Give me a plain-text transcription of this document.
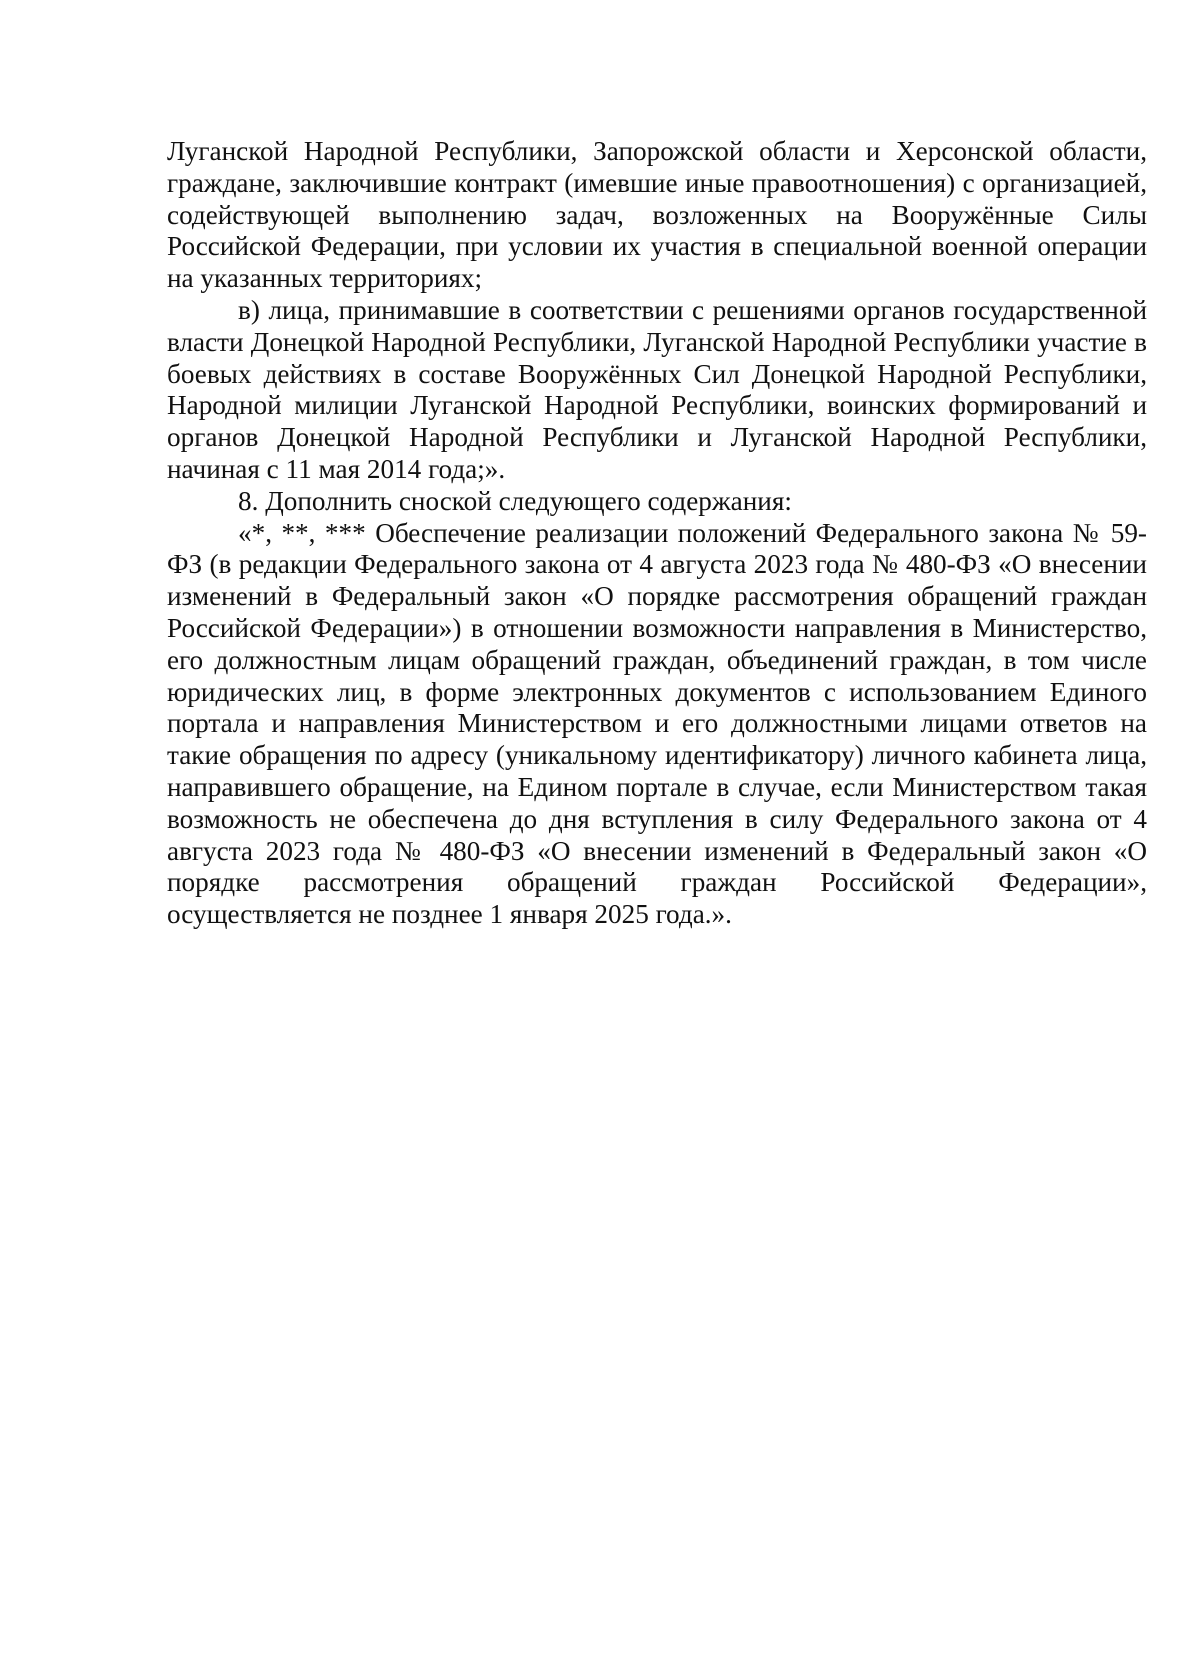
Луганской Народной Республики, Запорожской области и Херсонской области, граждане, заключившие контракт (имевшие иные правоотношения) с организацией, содействующей выполнению задач, возложенных на Вооружённые Силы Российской Федерации, при условии их участия в специальной военной операции на указанных территориях;

в) лица, принимавшие в соответствии с решениями органов государственной власти Донецкой Народной Республики, Луганской Народной Республики участие в боевых действиях в составе Вооружённых Сил Донецкой Народной Республики, Народной милиции Луганской Народной Республики, воинских формирований и органов Донецкой Народной Республики и Луганской Народной Республики, начиная с 11 мая 2014 года;».

8. Дополнить сноской следующего содержания:

«*, **, *** Обеспечение реализации положений Федерального закона № 59-ФЗ (в редакции Федерального закона от 4 августа 2023 года № 480-ФЗ «О внесении изменений в Федеральный закон «О порядке рассмотрения обращений граждан Российской Федерации») в отношении возможности направления в Министерство, его должностным лицам обращений граждан, объединений граждан, в том числе юридических лиц, в форме электронных документов с использованием Единого портала и направления Министерством и его должностными лицами ответов на такие обращения по адресу (уникальному идентификатору) личного кабинета лица, направившего обращение, на Едином портале в случае, если Министерством такая возможность не обеспечена до дня вступления в силу Федерального закона от 4 августа 2023 года № 480-ФЗ «О внесении изменений в Федеральный закон «О порядке рассмотрения обращений граждан Российской Федерации», осуществляется не позднее 1 января 2025 года.».
